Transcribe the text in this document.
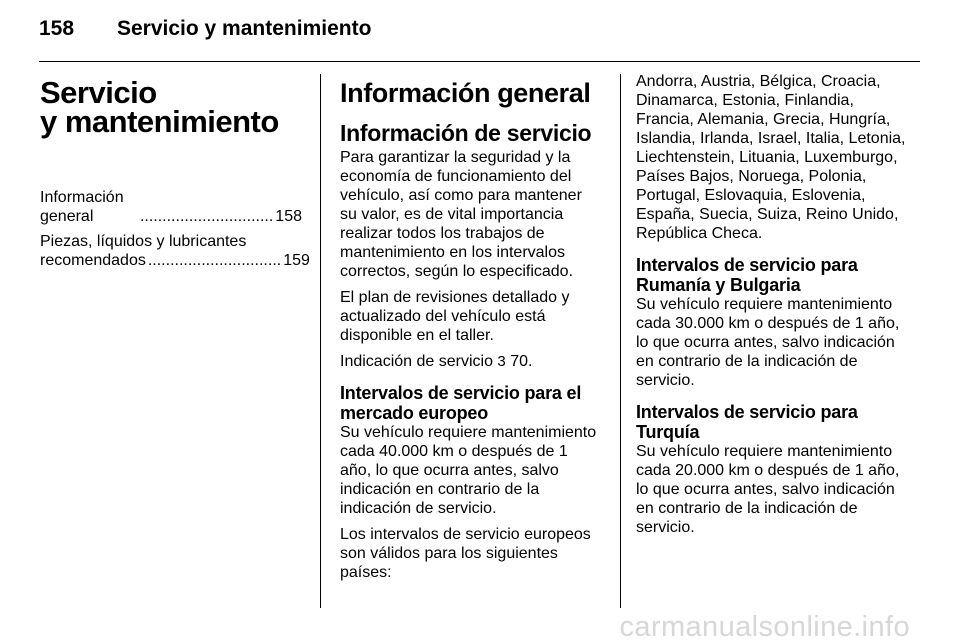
158 Servicio y mantenimiento
Servicio
y mantenimiento
Información general	.............................. 158
Piezas, líquidos y lubricantes
recomendados .............................. 159
Información general
Información de servicio

Para garantizar la seguridad y la economía de funcionamiento del vehículo, así como para mantener su valor, es de vital importancia realizar todos los trabajos de mantenimiento en los intervalos correctos, según lo especificado.

El plan de revisiones detallado y actualizado del vehículo está disponible en el taller.

Indicación de servicio 3 70.

Intervalos de servicio para el mercado europeo

Su vehículo requiere mantenimiento cada 40.000 km o después de 1 año, lo que ocurra antes, salvo indicación en contrario de la indicación de servicio.

Los intervalos de servicio europeos son válidos para los siguientes países:

Andorra, Austria, Bélgica, Croacia, Dinamarca, Estonia, Finlandia, Francia, Alemania, Grecia, Hungría, Islandia, Irlanda, Israel, Italia, Letonia, Liechtenstein, Lituania, Luxemburgo, Países Bajos, Noruega, Polonia, Portugal, Eslovaquia, Eslovenia, España, Suecia, Suiza, Reino Unido, República Checa.

Intervalos de servicio para Rumanía y Bulgaria

Su vehículo requiere mantenimiento cada 30.000 km o después de 1 año, lo que ocurra antes, salvo indicación en contrario de la indicación de servicio.

Intervalos de servicio para Turquía

Su vehículo requiere mantenimiento cada 20.000 km o después de 1 año, lo que ocurra antes, salvo indicación en contrario de la indicación de servicio.

carmanualsonline.info
